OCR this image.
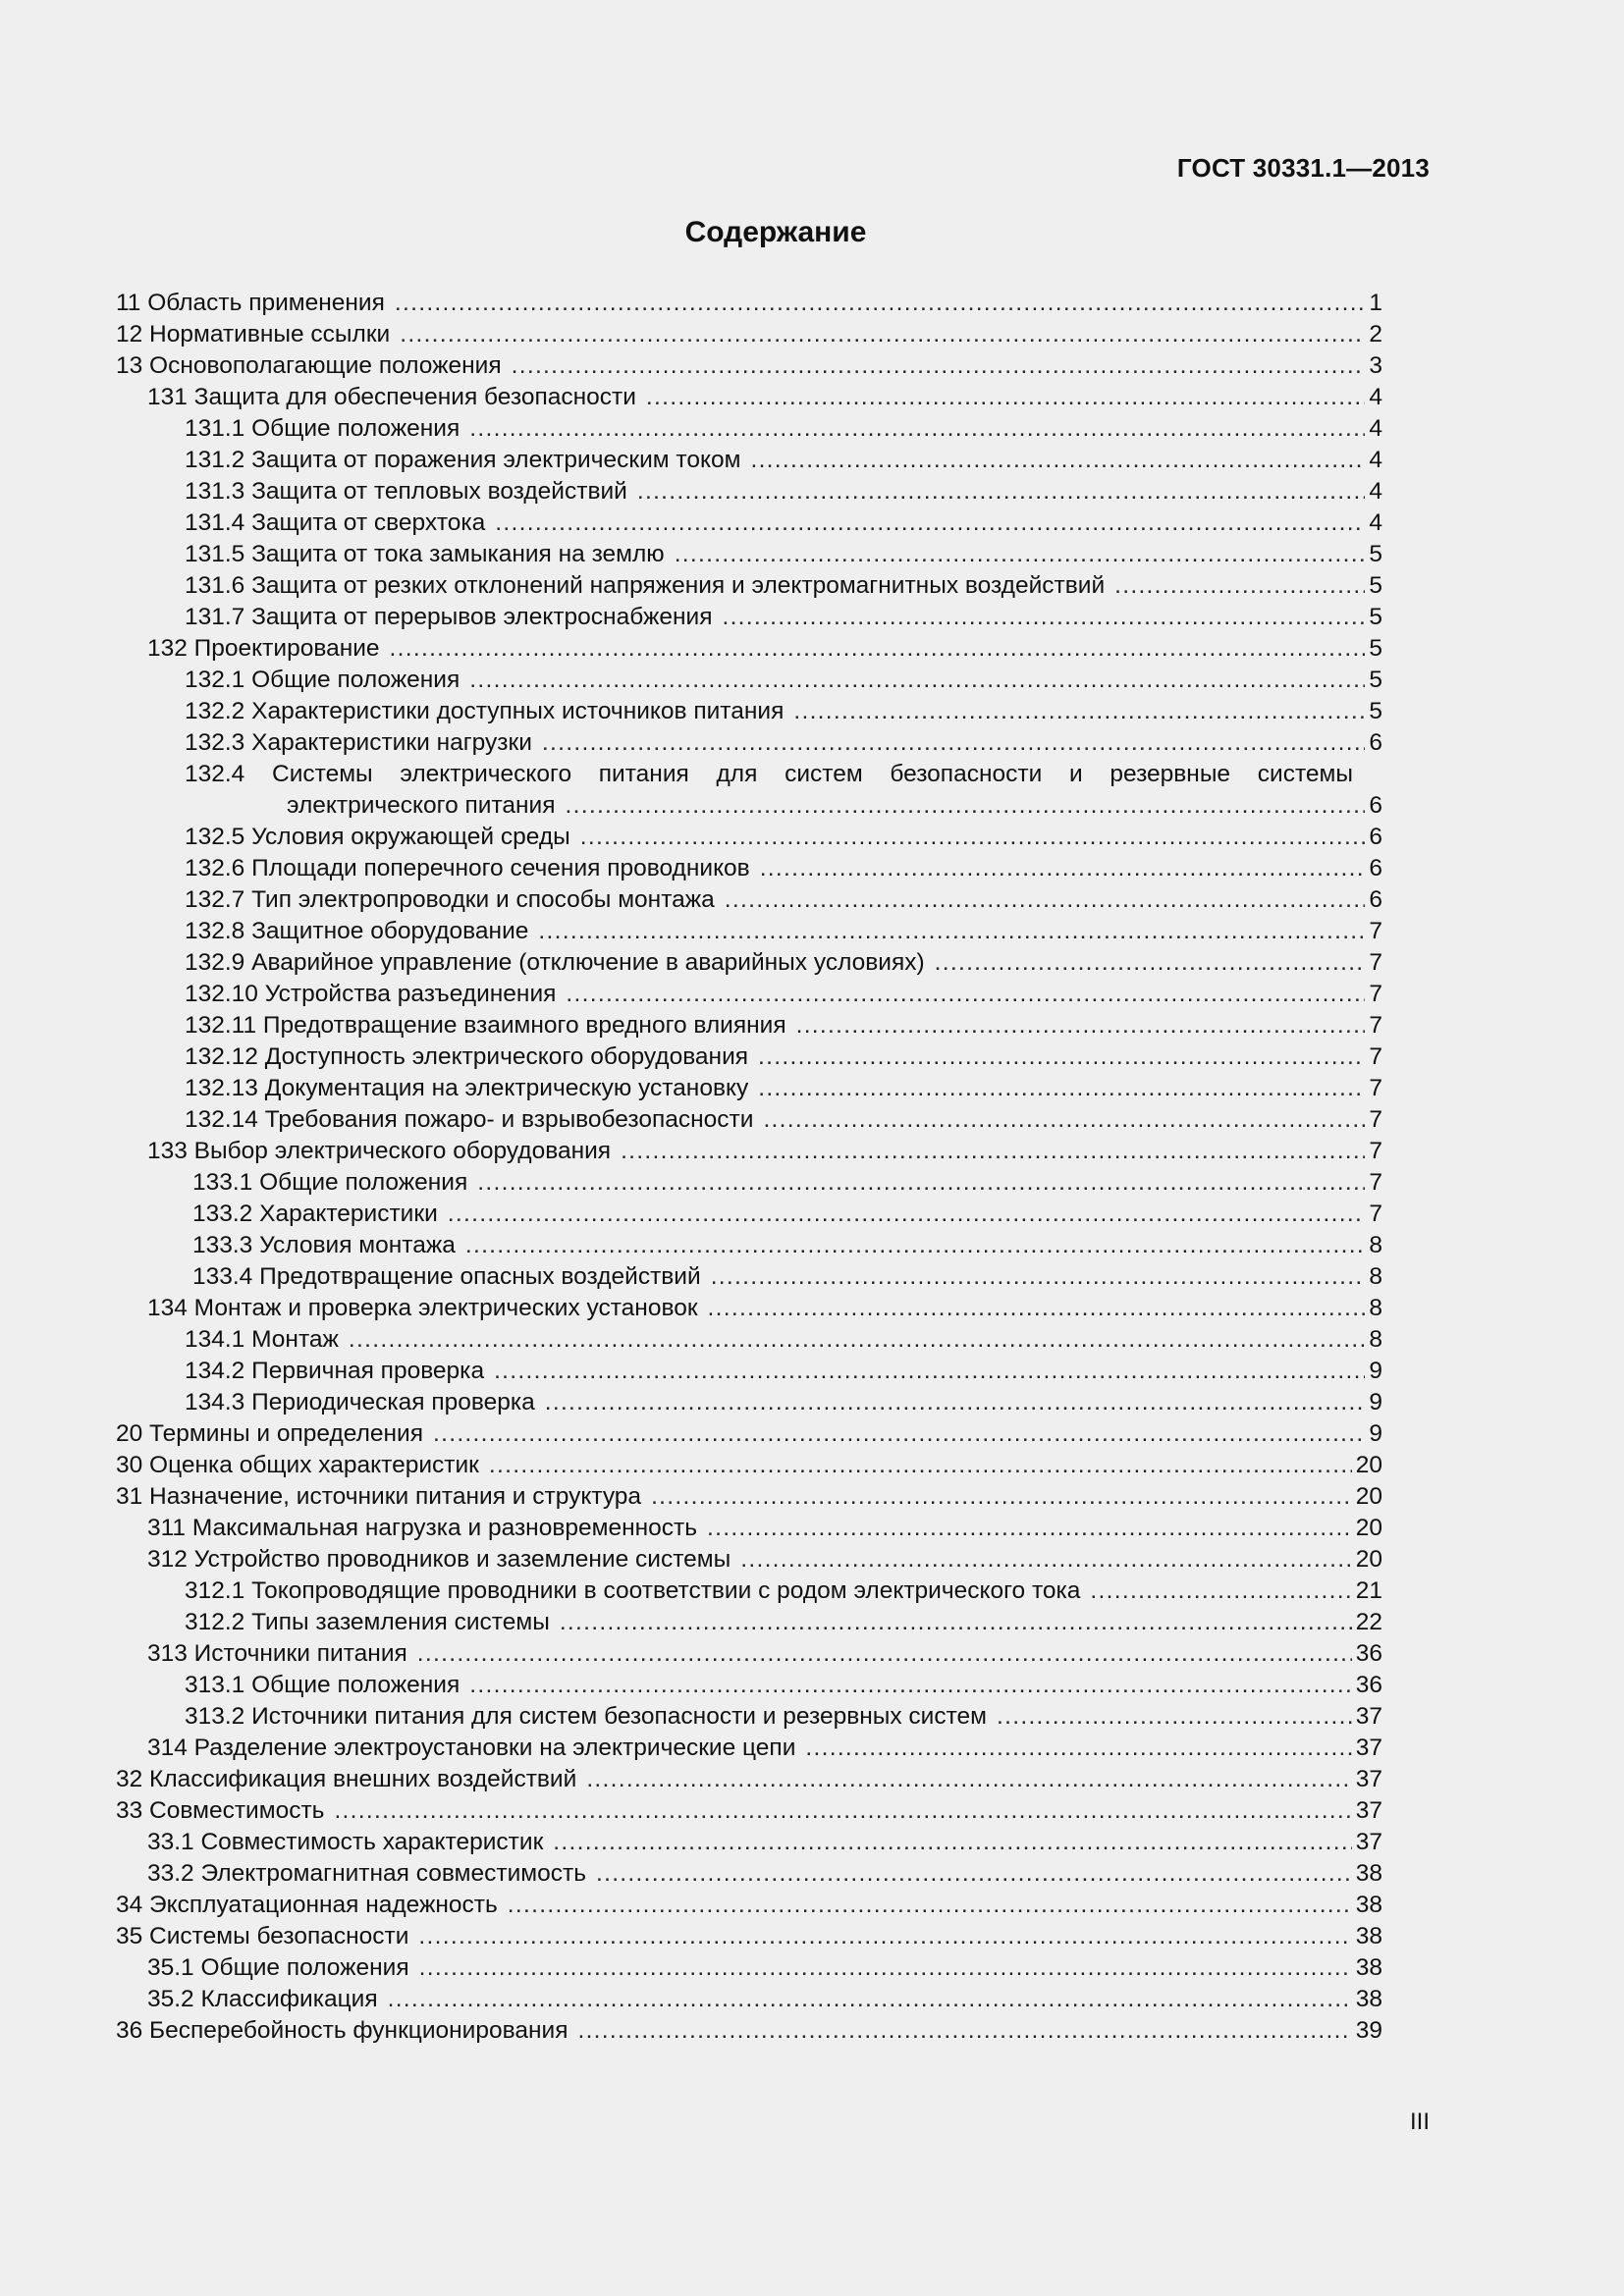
ГОСТ 30331.1—2013
Содержание
11 Область применения .....	1
12 Нормативные ссылки .....	2
13 Основополагающие положения .....	3
131 Защита для обеспечения безопасности .....	4
131.1 Общие положения .....	4
131.2 Защита от поражения электрическим током .....	4
131.3 Защита от тепловых воздействий .....	4
131.4 Защита от сверхтока .....	4
131.5 Защита от тока замыкания на землю .....	5
131.6 Защита от резких отклонений напряжения и электромагнитных воздействий .....	5
131.7 Защита от перерывов электроснабжения .....	5
132 Проектирование .....	5
132.1 Общие положения .....	5
132.2 Характеристики доступных источников питания .....	5
132.3 Характеристики нагрузки .....	6
132.4 Системы электрического питания для систем безопасности и резервные системы
электрического питания .....	6
132.5 Условия окружающей среды .....	6
132.6 Площади поперечного сечения проводников .....	6
132.7 Тип электропроводки и способы монтажа .....	6
132.8 Защитное оборудование .....	7
132.9 Аварийное управление (отключение в аварийных условиях) .....	7
132.10 Устройства разъединения .....	7
132.11 Предотвращение взаимного вредного влияния .....	7
132.12 Доступность электрического оборудования .....	7
132.13 Документация на электрическую установку .....	7
132.14 Требования пожаро- и взрывобезопасности .....	7
133 Выбор электрического оборудования .....	7
133.1 Общие положения .....	7
133.2 Характеристики .....	7
133.3 Условия монтажа .....	8
133.4 Предотвращение опасных воздействий .....	8
134 Монтаж и проверка электрических установок .....	8
134.1 Монтаж .....	8
134.2 Первичная проверка .....	9
134.3 Периодическая проверка .....	9
20 Термины и определения .....	9
30 Оценка общих характеристик .....	20
31 Назначение, источники питания и структура .....	20
311 Максимальная нагрузка и разновременность .....	20
312 Устройство проводников и заземление системы .....	20
312.1 Токопроводящие проводники в соответствии с родом электрического тока .....	21
312.2 Типы заземления системы .....	22
313 Источники питания .....	36
313.1 Общие положения .....	36
313.2 Источники питания для систем безопасности и резервных систем .....	37
314 Разделение электроустановки на электрические цепи .....	37
32 Классификация внешних воздействий .....	37
33 Совместимость .....	37
33.1 Совместимость характеристик .....	37
33.2 Электромагнитная совместимость .....	38
34 Эксплуатационная надежность .....	38
35 Системы безопасности .....	38
35.1 Общие положения .....	38
35.2 Классификация .....	38
36 Бесперебойность функционирования .....	39
III
